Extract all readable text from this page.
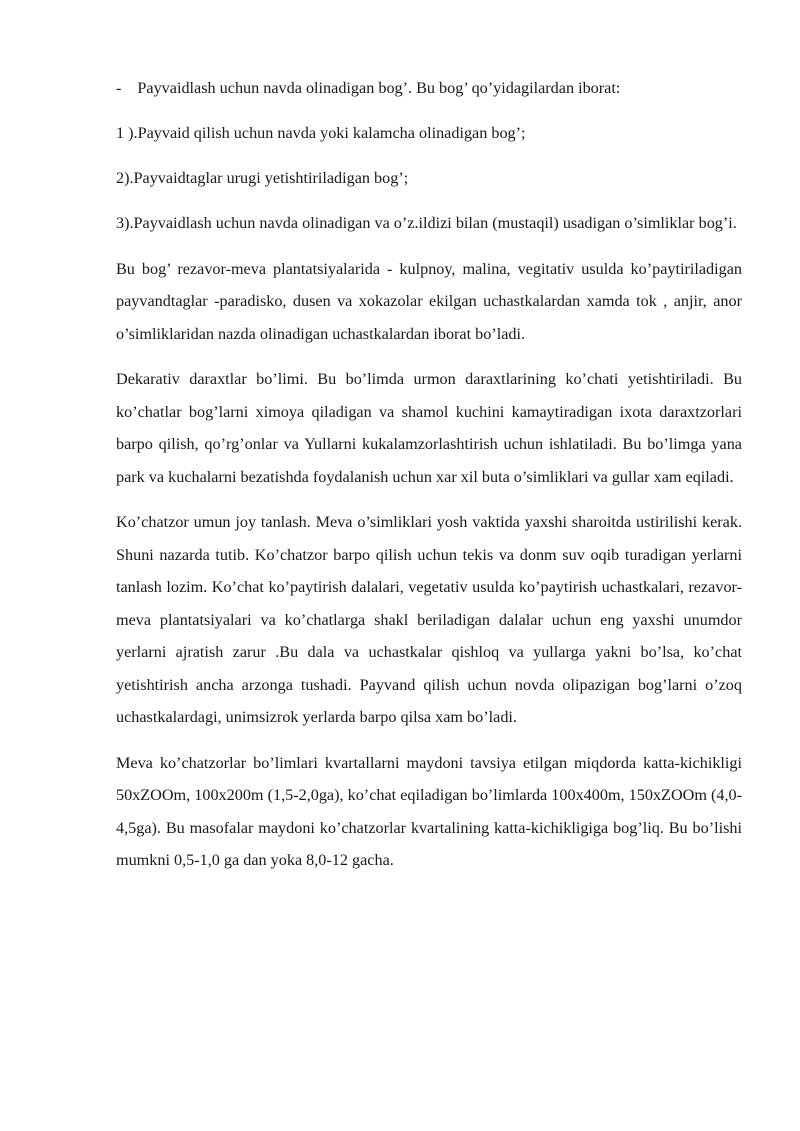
- Payvaidlash uchun navda olinadigan bog’. Bu bog’ qo’yidagilardan iborat:
1 ).Payvaid qilish uchun navda yoki kalamcha olinadigan bog’;
2).Payvaidtaglar urugi yetishtiriladigan bog’;
3).Payvaidlash uchun navda olinadigan va o’z.ildizi bilan (mustaqil) usadigan o’simliklar bog’i.
Bu bog’ rezavor-meva plantatsiyalarida - kulpnoy, malina, vegitativ usulda ko’paytiriladigan payvandtaglar -paradisko, dusen va xokazolar ekilgan uchastkalardan xamda tok , anjir, anor o’simliklaridan nazda olinadigan uchastkalardan iborat bo’ladi.
Dekarativ daraxtlar bo’limi. Bu bo’limda urmon daraxtlarining ko’chati yetishtiriladi. Bu ko’chatlar bog’larni ximoya qiladigan va shamol kuchini kamaytiradigan ixota daraxtzorlari barpo qilish, qo’rg’onlar va Yullarni kukalamzorlashtirish uchun ishlatiladi. Bu bo’limga yana park va kuchalarni bezatishda foydalanish uchun xar xil buta o’simliklari va gullar xam eqiladi.
Ko’chatzor umun joy tanlash. Meva o’simliklari yosh vaktida yaxshi sharoitda ustirilishi kerak. Shuni nazarda tutib. Ko’chatzor barpo qilish uchun tekis va donm suv oqib turadigan yerlarni tanlash lozim. Ko’chat ko’paytirish dalalari, vegetativ usulda ko’paytirish uchastkalari, rezavor-meva plantatsiyalari va ko’chatlarga shakl beriladigan dalalar uchun eng yaxshi unumdor yerlarni ajratish zarur .Bu dala va uchastkalar qishloq va yullarga yakni bo’lsa, ko’chat yetishtirish ancha arzonga tushadi. Payvand qilish uchun novda olipazigan bog’larni o’zoq uchastkalardagi, unimsizrok yerlarda barpo qilsa xam bo’ladi.
Meva ko’chatzorlar bo’limlari kvartallarni maydoni tavsiya etilgan miqdorda katta-kichikligi 50xZOOm, 100x200m (1,5-2,0ga), ko’chat eqiladigan bo’limlarda 100x400m, 150xZOOm (4,0-4,5ga). Bu masofalar maydoni ko’chatzorlar kvartalining katta-kichikligiga bog’liq. Bu bo’lishi mumkni 0,5-1,0 ga dan yoka 8,0-12 gacha.
